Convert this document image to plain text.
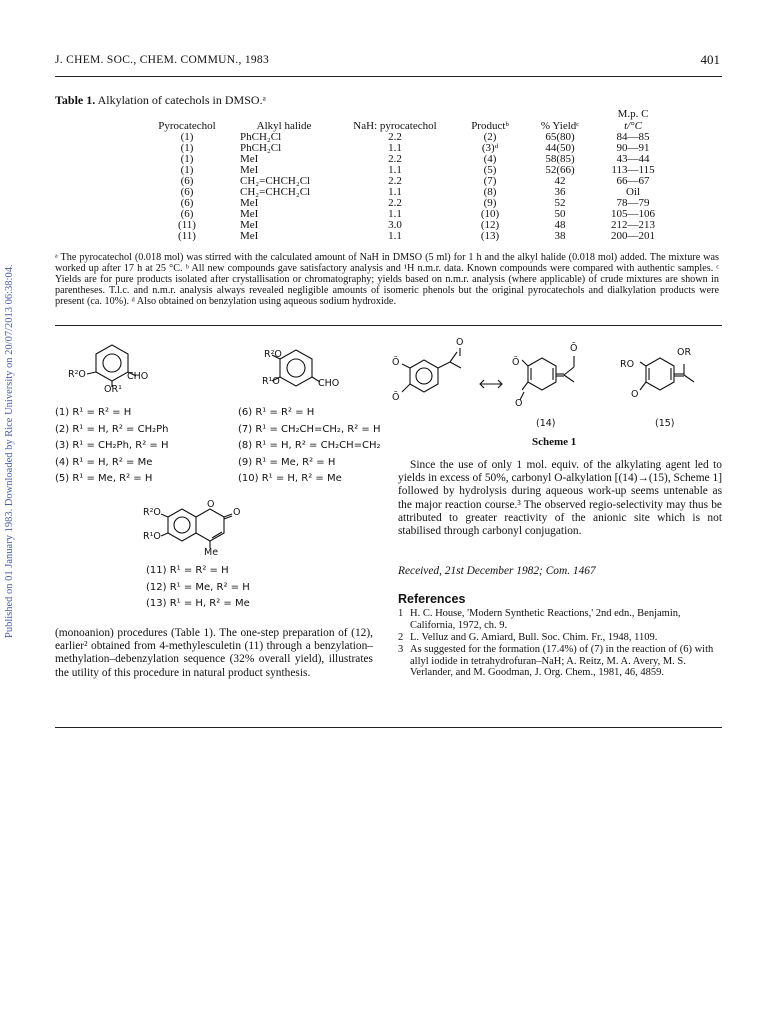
Published on 01 January 1983. Downloaded by Rice University on 20/07/2013 06:38:04.
J. CHEM. SOC., CHEM. COMMUN., 1983	401
Table 1. Alkylation of catechols in DMSO.ᵃ
Pyrocatechol	Alkyl halide	NaH: pyrocatechol	Productᵇ	% Yieldᶜ	M.p. C
t/°C

(1)	PhCH₂Cl	2.2	(2)	65(80)	84—85
(1)	PhCH₂Cl	1.1	(3)ᵈ	44(50)	90—91
(1)	MeI	2.2	(4)	58(85)	43—44
(1)	MeI	1.1	(5)	52(66)	113—115
(6)	CH₂=CHCH₂Cl	2.2	(7)	42	66—67
(6)	CH₂=CHCH₂Cl	1.1	(8)	36	Oil
(6)	MeI	2.2	(9)	52	78—79
(6)	MeI	1.1	(10)	50	105—106
(11)	MeI	3.0	(12)	48	212—213
(11)	MeI	1.1	(13)	38	200—201
ᵃ The pyrocatechol (0.018 mol) was stirred with the calculated amount of NaH in DMSO (5 ml) for 1 h and the alkyl halide (0.018 mol) added. The mixture was worked up after 17 h at 25 °C. ᵇ All new compounds gave satisfactory analysis and ¹H n.m.r. data. Known compounds were compared with authentic samples. ᶜ Yields are for pure products isolated after crystallisation or chromatography; yields based on n.m.r. analysis (where applicable) of crude mixtures are shown in parentheses. T.l.c. and n.m.r. analysis always revealed negligible amounts of isomeric phenols but the original pyrocatechols and dialkylation products were present (ca. 10%). ᵈ Also obtained on benzylation using aqueous sodium hydroxide.
R²O	CHO
OR¹
R²O
R¹O	CHO
R²O
R¹O
O
O
Me
(1) R¹ = R² = H
(2) R¹ = H, R² = CH₂Ph
(3) R¹ = CH₂Ph, R² = H
(4) R¹ = H, R² = Me
(5) R¹ = Me, R² = H
(6) R¹ = R² = H
(7) R¹ = CH₂CH=CH₂, R² = H
(8) R¹ = H, R² = CH₂CH=CH₂
(9) R¹ = Me, R² = H
(10) R¹ = H, R² = Me
(11) R¹ = R² = H
(12) R¹ = Me, R² = H
(13) R¹ = H, R² = Me
O
Ō
Ō
Ō
Ō
O
OR
RO
O
(14)	(15)
Scheme 1
(monoanion) procedures (Table 1). The one-step preparation of (12), earlier² obtained from 4-methylesculetin (11) through a benzylation–methylation–debenzylation sequence (32% overall yield), illustrates the utility of this procedure in natural product synthesis.
Since the use of only 1 mol. equiv. of the alkylating agent led to yields in excess of 50%, carbonyl O-alkylation [(14)→(15), Scheme 1] followed by hydrolysis during aqueous work-up seems untenable as the major reaction course.³ The observed regio-selectivity may thus be attributed to greater reactivity of the anionic site which is not stabilised through carbonyl conjugation.
Received, 21st December 1982; Com. 1467
References
1 H. C. House, 'Modern Synthetic Reactions,' 2nd edn., Benjamin, California, 1972, ch. 9.
2 L. Velluz and G. Amiard, Bull. Soc. Chim. Fr., 1948, 1109.
3 As suggested for the formation (17.4%) of (7) in the reaction of (6) with allyl iodide in tetrahydrofuran–NaH; A. Reitz, M. A. Avery, M. S. Verlander, and M. Goodman, J. Org. Chem., 1981, 46, 4859.
